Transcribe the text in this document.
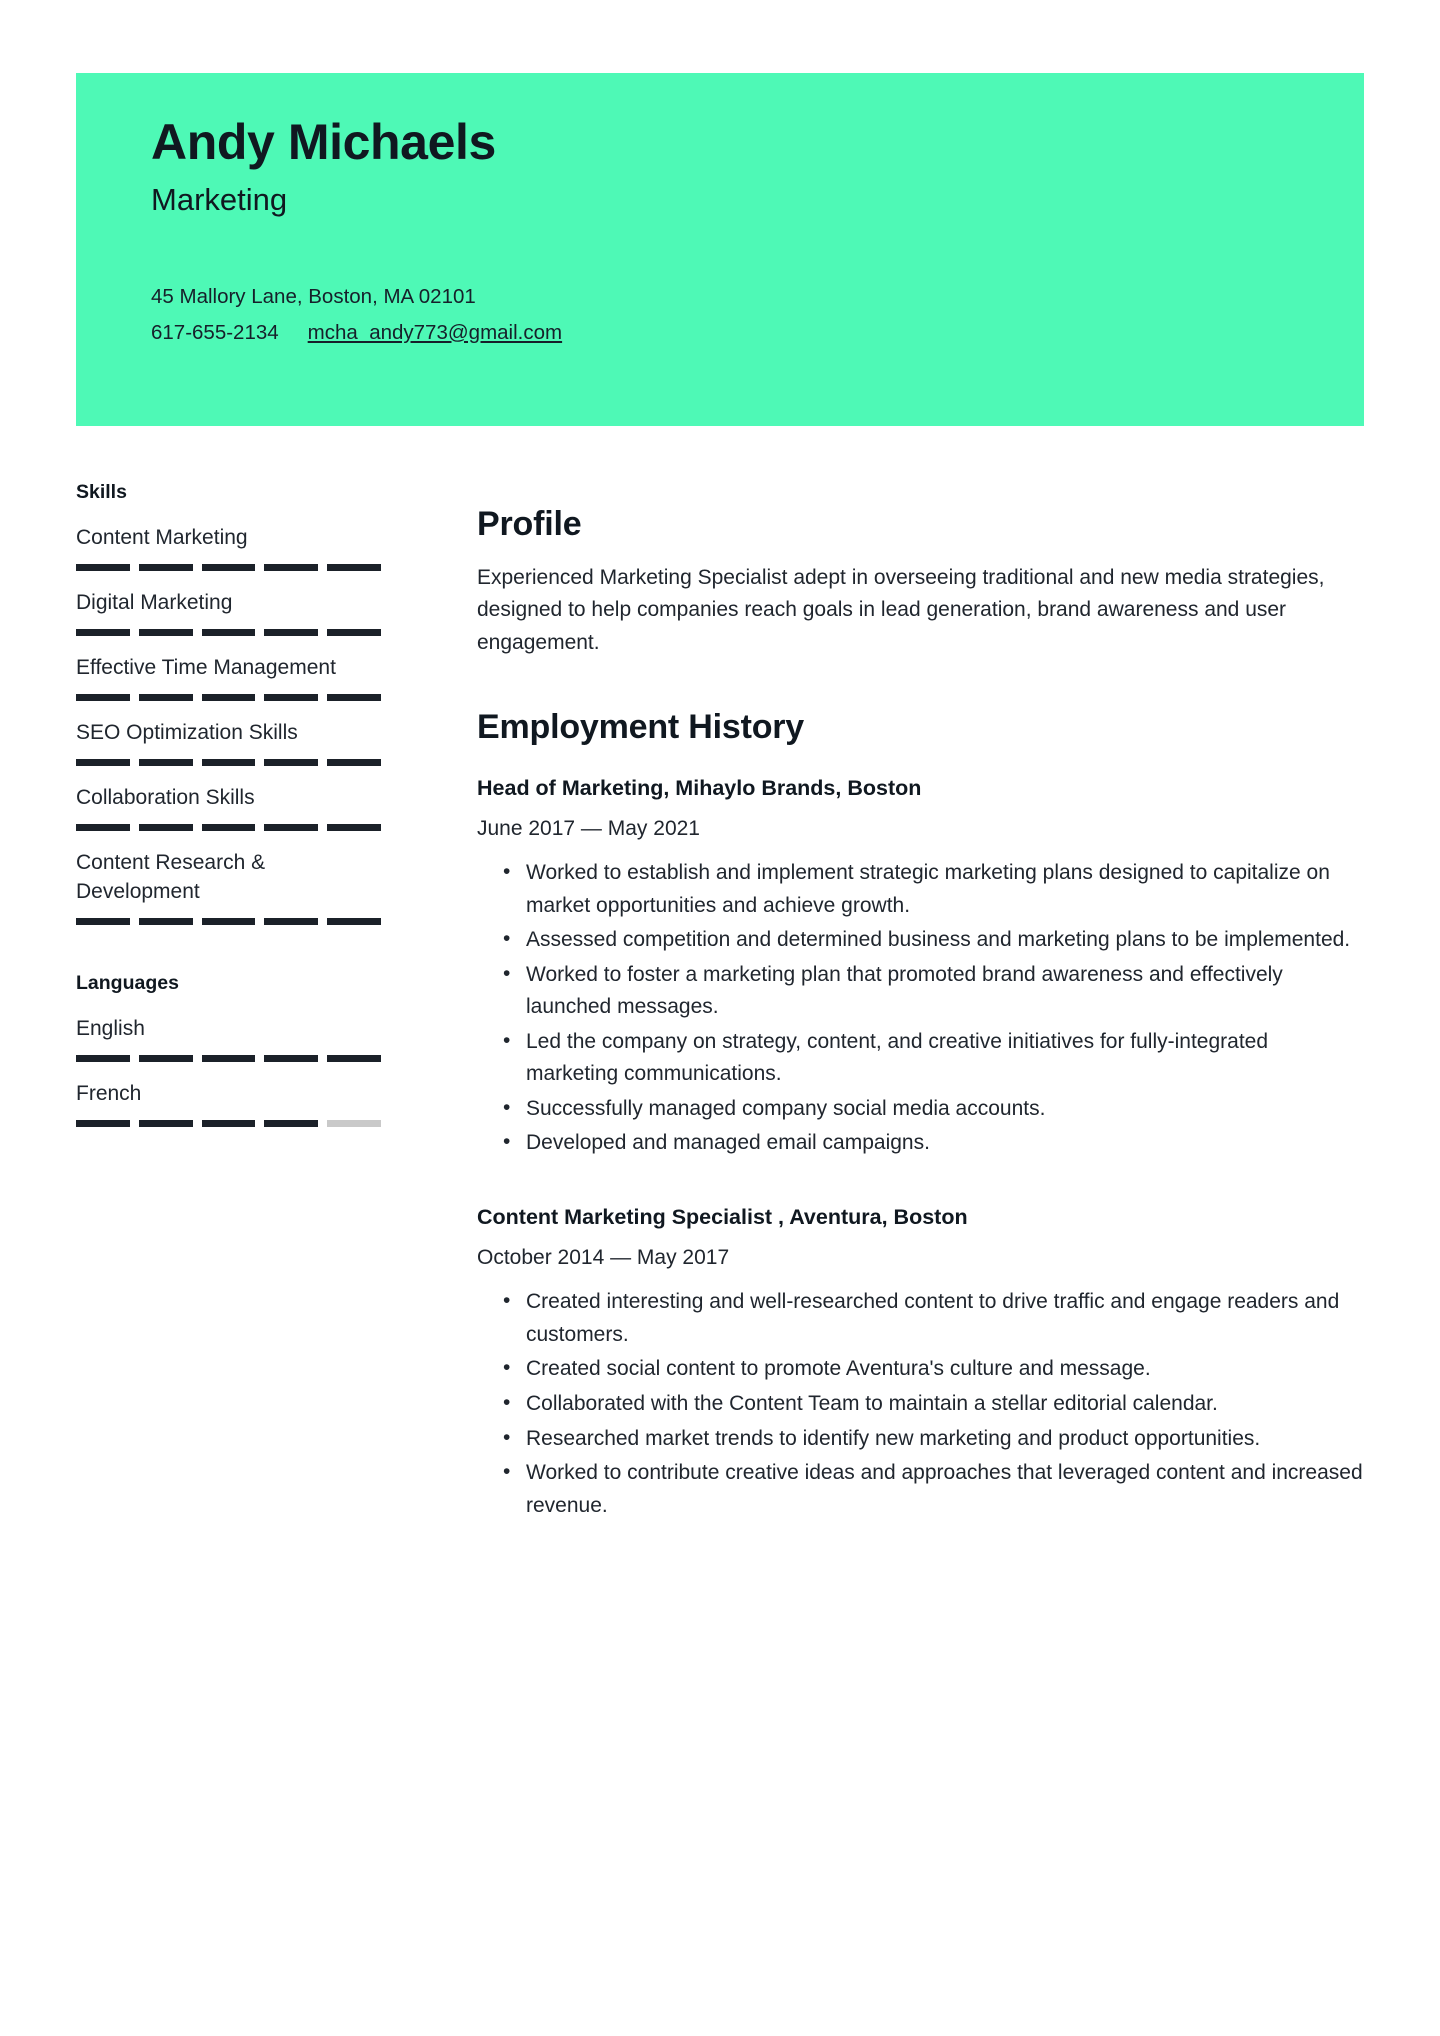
Andy Michaels
Marketing
45 Mallory Lane, Boston, MA 02101
617-655-2134 mcha_andy773@gmail.com
Skills
Content Marketing
Digital Marketing
Effective Time Management
SEO Optimization Skills
Collaboration Skills
Content Research & Development
Languages
English
French
Profile

Experienced Marketing Specialist adept in overseeing traditional and new media strategies, designed to help companies reach goals in lead generation, brand awareness and user engagement.

Employment History
Head of Marketing, Mihaylo Brands, Boston
June 2017 — May 2021
• Worked to establish and implement strategic marketing plans designed to capitalize on market opportunities and achieve growth.
• Assessed competition and determined business and marketing plans to be implemented.
• Worked to foster a marketing plan that promoted brand awareness and effectively launched messages.
• Led the company on strategy, content, and creative initiatives for fully-integrated marketing communications.
• Successfully managed company social media accounts.
• Developed and managed email campaigns.
Content Marketing Specialist , Aventura, Boston
October 2014 — May 2017
• Created interesting and well-researched content to drive traffic and engage readers and customers.
• Created social content to promote Aventura's culture and message.
• Collaborated with the Content Team to maintain a stellar editorial calendar.
• Researched market trends to identify new marketing and product opportunities.
• Worked to contribute creative ideas and approaches that leveraged content and increased revenue.
